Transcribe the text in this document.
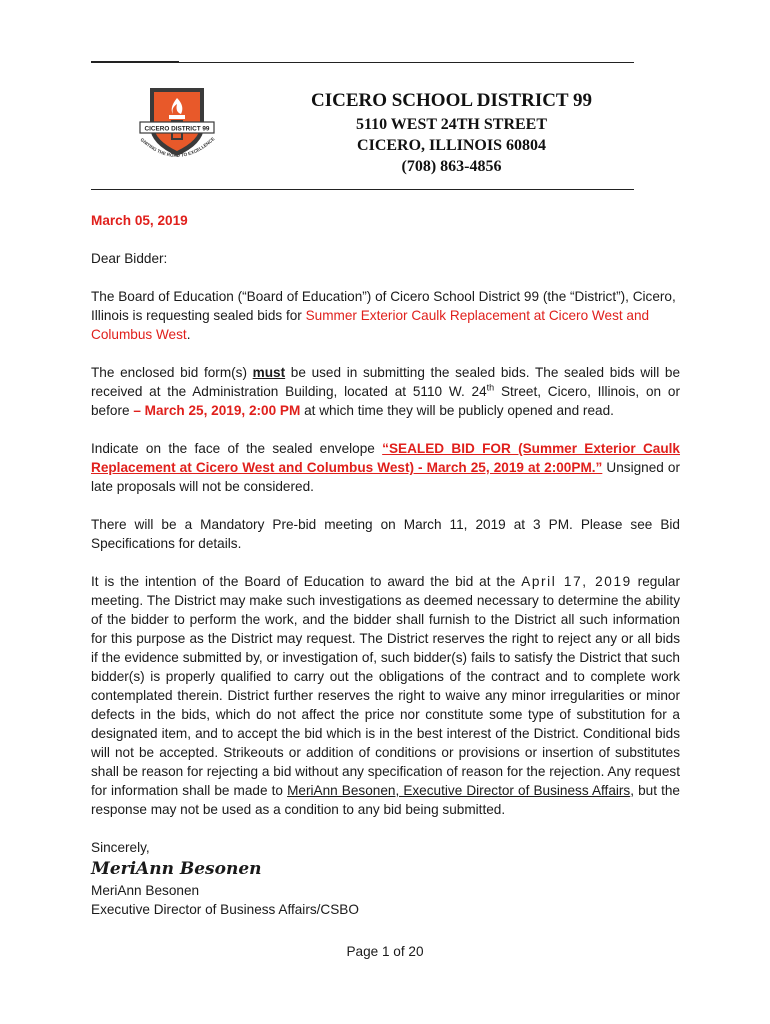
CICERO DISTRICT 99
GNITING THE ROAD TO EXCELLENCE
CICERO SCHOOL DISTRICT 99
5110 WEST 24TH STREET
CICERO, ILLINOIS 60804
(708) 863-4856

March 05, 2019

Dear Bidder:

The Board of Education (“Board of Education”) of Cicero School District 99 (the “District”), Cicero, Illinois is requesting sealed bids for Summer Exterior Caulk Replacement at Cicero West and Columbus West.

The enclosed bid form(s) must be used in submitting the sealed bids. The sealed bids will be received at the Administration Building, located at 5110 W. 24th Street, Cicero, Illinois, on or before – March 25, 2019, 2:00 PM at which time they will be publicly opened and read.

Indicate on the face of the sealed envelope “SEALED BID FOR (Summer Exterior Caulk Replacement at Cicero West and Columbus West) - March 25, 2019 at 2:00PM.” Unsigned or late proposals will not be considered.

There will be a Mandatory Pre-bid meeting on March 11, 2019 at 3 PM. Please see Bid Specifications for details.

It is the intention of the Board of Education to award the bid at the April 17, 2019 regular meeting. The District may make such investigations as deemed necessary to determine the ability of the bidder to perform the work, and the bidder shall furnish to the District all such information for this purpose as the District may request. The District reserves the right to reject any or all bids if the evidence submitted by, or investigation of, such bidder(s) fails to satisfy the District that such bidder(s) is properly qualified to carry out the obligations of the contract and to complete work contemplated therein. District further reserves the right to waive any minor irregularities or minor defects in the bids, which do not affect the price nor constitute some type of substitution for a designated item, and to accept the bid which is in the best interest of the District. Conditional bids will not be accepted. Strikeouts or addition of conditions or provisions or insertion of substitutes shall be reason for rejecting a bid without any specification of reason for the rejection. Any request for information shall be made to MeriAnn Besonen, Executive Director of Business Affairs, but the response may not be used as a condition to any bid being submitted.

Sincerely,

MeriAnn Besonen

MeriAnn Besonen

Executive Director of Business Affairs/CSBO

Page 1 of 20
